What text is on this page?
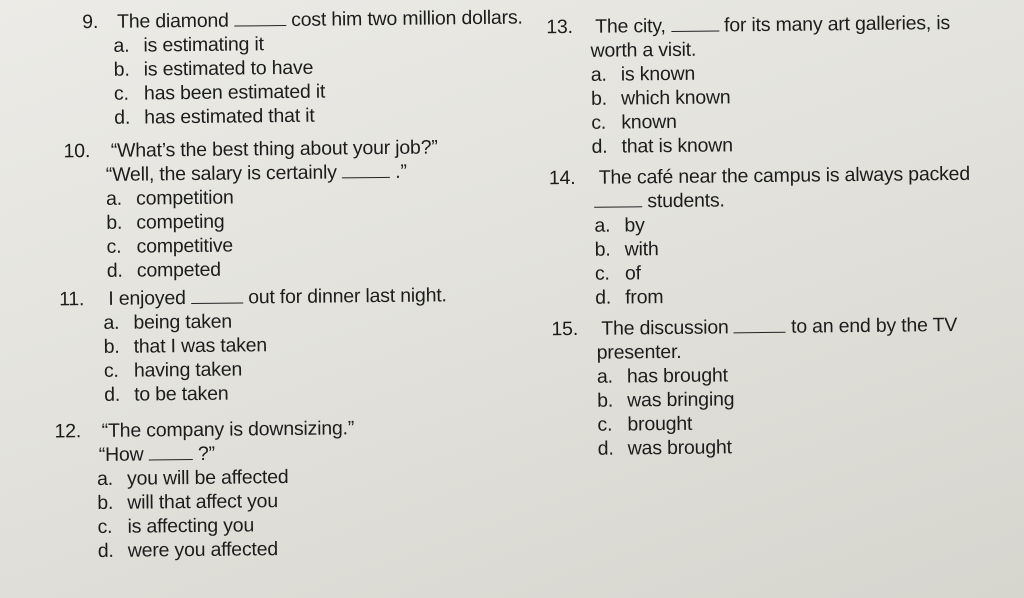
9. The diamond	cost him two million dollars.
a. is estimating it
b. is estimated to have
c. has been estimated it
d. has estimated that it
10. “What’s the best thing about your job?”
“Well, the salary is certainly	.”
a. competition
b. competing
c. competitive
d. competed
11. I enjoyed	out for dinner last night.
a. being taken
b. that I was taken
c. having taken
d. to be taken
12. “The company is downsizing.”
“How	?”
a. you will be affected
b. will that affect you
c. is affecting you
d. were you affected
13. The city,	for its many art galleries, is
worth a visit.
a. is known
b. which known
c. known
d. that is known
14. The café near the campus is always packed
students.
a. by
b. with
c. of
d. from
15. The discussion	to an end by the TV
presenter.
a. has brought
b. was bringing
c. brought
d. was brought
